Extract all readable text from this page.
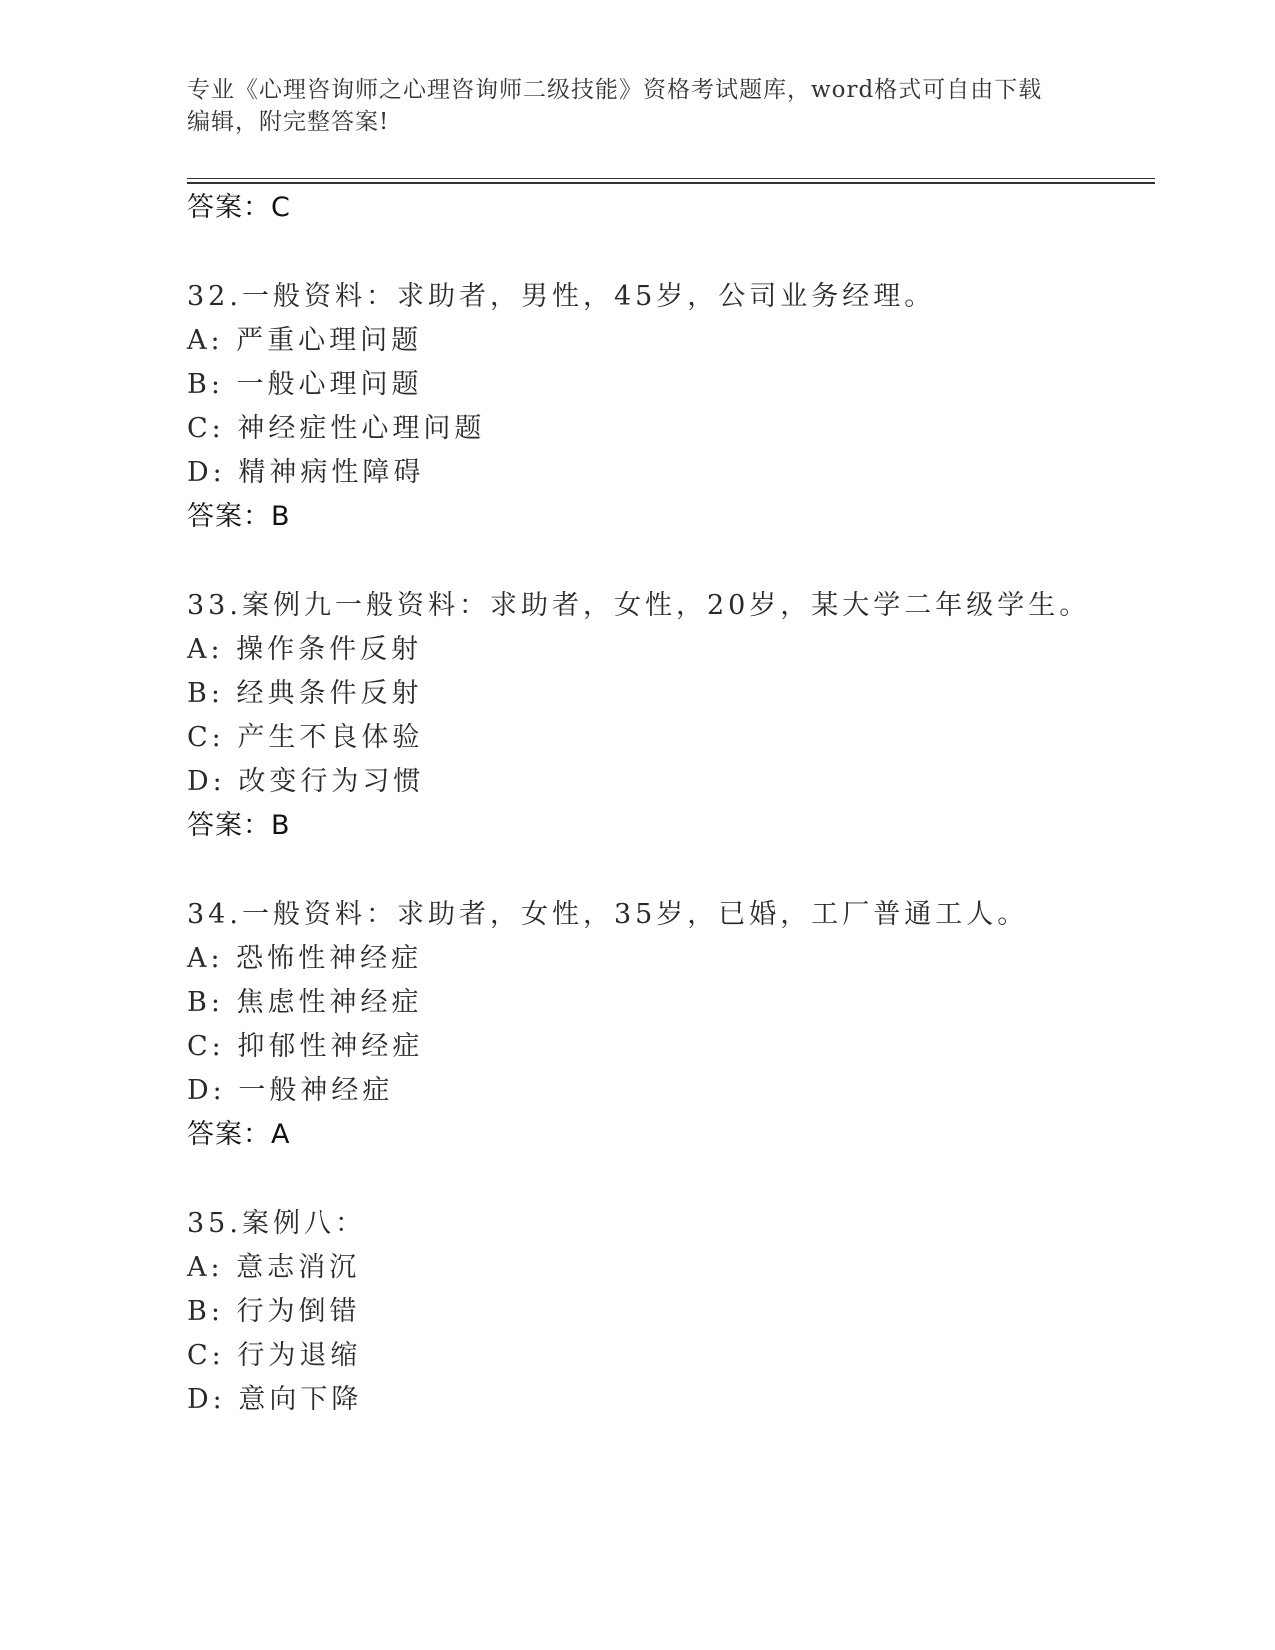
专业《心理咨询师之心理咨询师二级技能》资格考试题库，word格式可自由下载
编辑，附完整答案!
答案：C
32.一般资料：求助者，男性，45岁，公司业务经理。
A: 严重心理问题
B: 一般心理问题
C: 神经症性心理问题
D: 精神病性障碍
答案：B
33.案例九一般资料：求助者，女性，20岁，某大学二年级学生。
A: 操作条件反射
B: 经典条件反射
C: 产生不良体验
D: 改变行为习惯
答案：B
34.一般资料：求助者，女性，35岁，已婚，工厂普通工人。
A: 恐怖性神经症
B: 焦虑性神经症
C: 抑郁性神经症
D: 一般神经症
答案：A
35.案例八：
A: 意志消沉
B: 行为倒错
C: 行为退缩
D: 意向下降
